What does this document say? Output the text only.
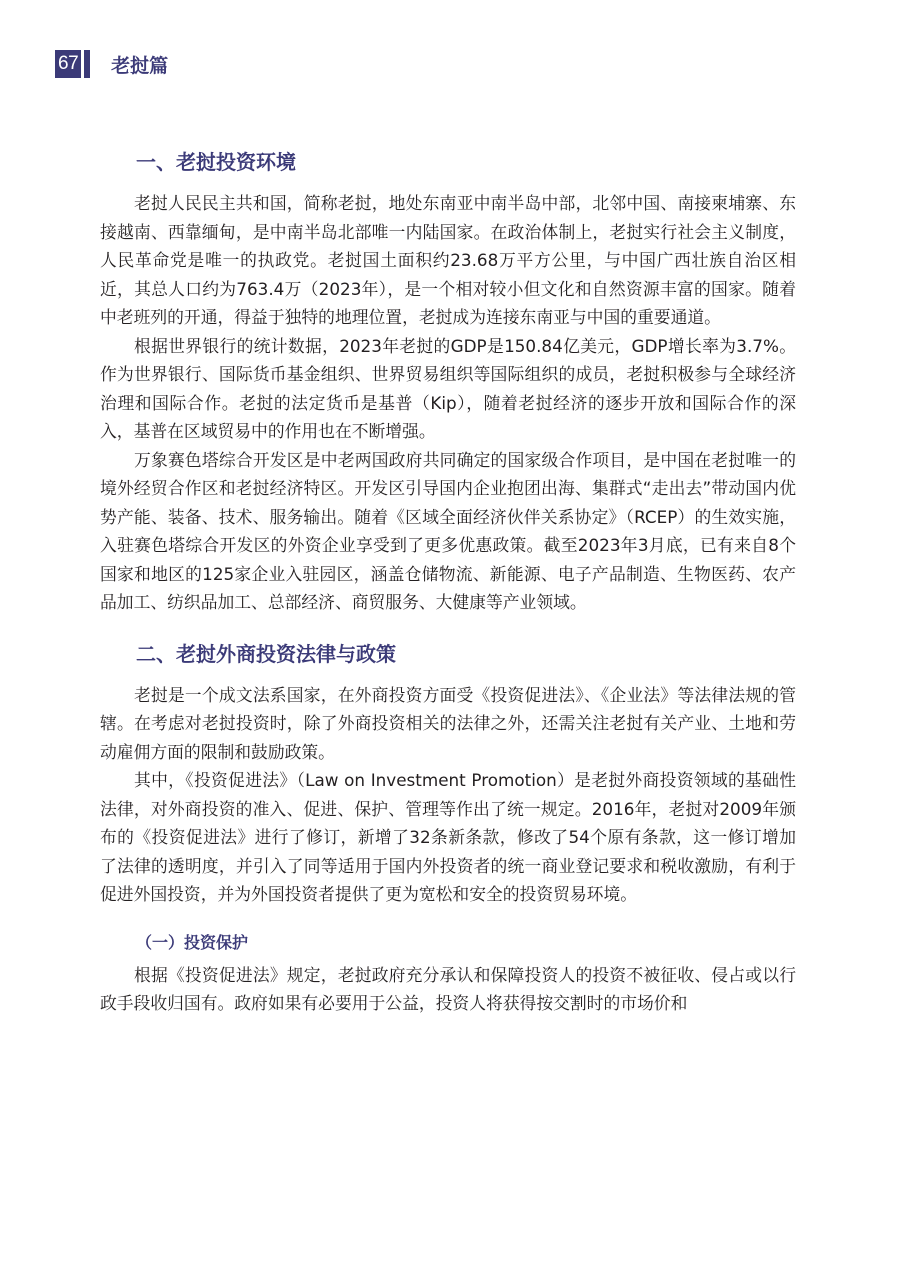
67 老挝篇
一、老挝投资环境

老挝人民民主共和国，简称老挝，地处东南亚中南半岛中部，北邻中国、南接柬埔寨、东接越南、西靠缅甸，是中南半岛北部唯一内陆国家。在政治体制上，老挝实行社会主义制度，人民革命党是唯一的执政党。老挝国土面积约23.68万平方公里，与中国广西壮族自治区相近，其总人口约为763.4万（2023年），是一个相对较小但文化和自然资源丰富的国家。随着中老班列的开通，得益于独特的地理位置，老挝成为连接东南亚与中国的重要通道。

根据世界银行的统计数据，2023年老挝的GDP是150.84亿美元，GDP增长率为3.7%。作为世界银行、国际货币基金组织、世界贸易组织等国际组织的成员，老挝积极参与全球经济治理和国际合作。老挝的法定货币是基普（Kip），随着老挝经济的逐步开放和国际合作的深入，基普在区域贸易中的作用也在不断增强。

万象赛色塔综合开发区是中老两国政府共同确定的国家级合作项目，是中国在老挝唯一的境外经贸合作区和老挝经济特区。开发区引导国内企业抱团出海、集群式“走出去”带动国内优势产能、装备、技术、服务输出。随着《区域全面经济伙伴关系协定》（RCEP）的生效实施，入驻赛色塔综合开发区的外资企业享受到了更多优惠政策。截至2023年3月底，已有来自8个国家和地区的125家企业入驻园区，涵盖仓储物流、新能源、电子产品制造、生物医药、农产品加工、纺织品加工、总部经济、商贸服务、大健康等产业领域。

二、老挝外商投资法律与政策

老挝是一个成文法系国家，在外商投资方面受《投资促进法》、《企业法》等法律法规的管辖。在考虑对老挝投资时，除了外商投资相关的法律之外，还需关注老挝有关产业、土地和劳动雇佣方面的限制和鼓励政策。

其中，《投资促进法》（Law on Investment Promotion）是老挝外商投资领域的基础性法律，对外商投资的准入、促进、保护、管理等作出了统一规定。2016年，老挝对2009年颁布的《投资促进法》进行了修订，新增了32条新条款，修改了54个原有条款，这一修订增加了法律的透明度，并引入了同等适用于国内外投资者的统一商业登记要求和税收激励，有利于促进外国投资，并为外国投资者提供了更为宽松和安全的投资贸易环境。

（一）投资保护

根据《投资促进法》规定，老挝政府充分承认和保障投资人的投资不被征收、侵占或以行政手段收归国有。政府如果有必要用于公益，投资人将获得按交割时的市场价和
